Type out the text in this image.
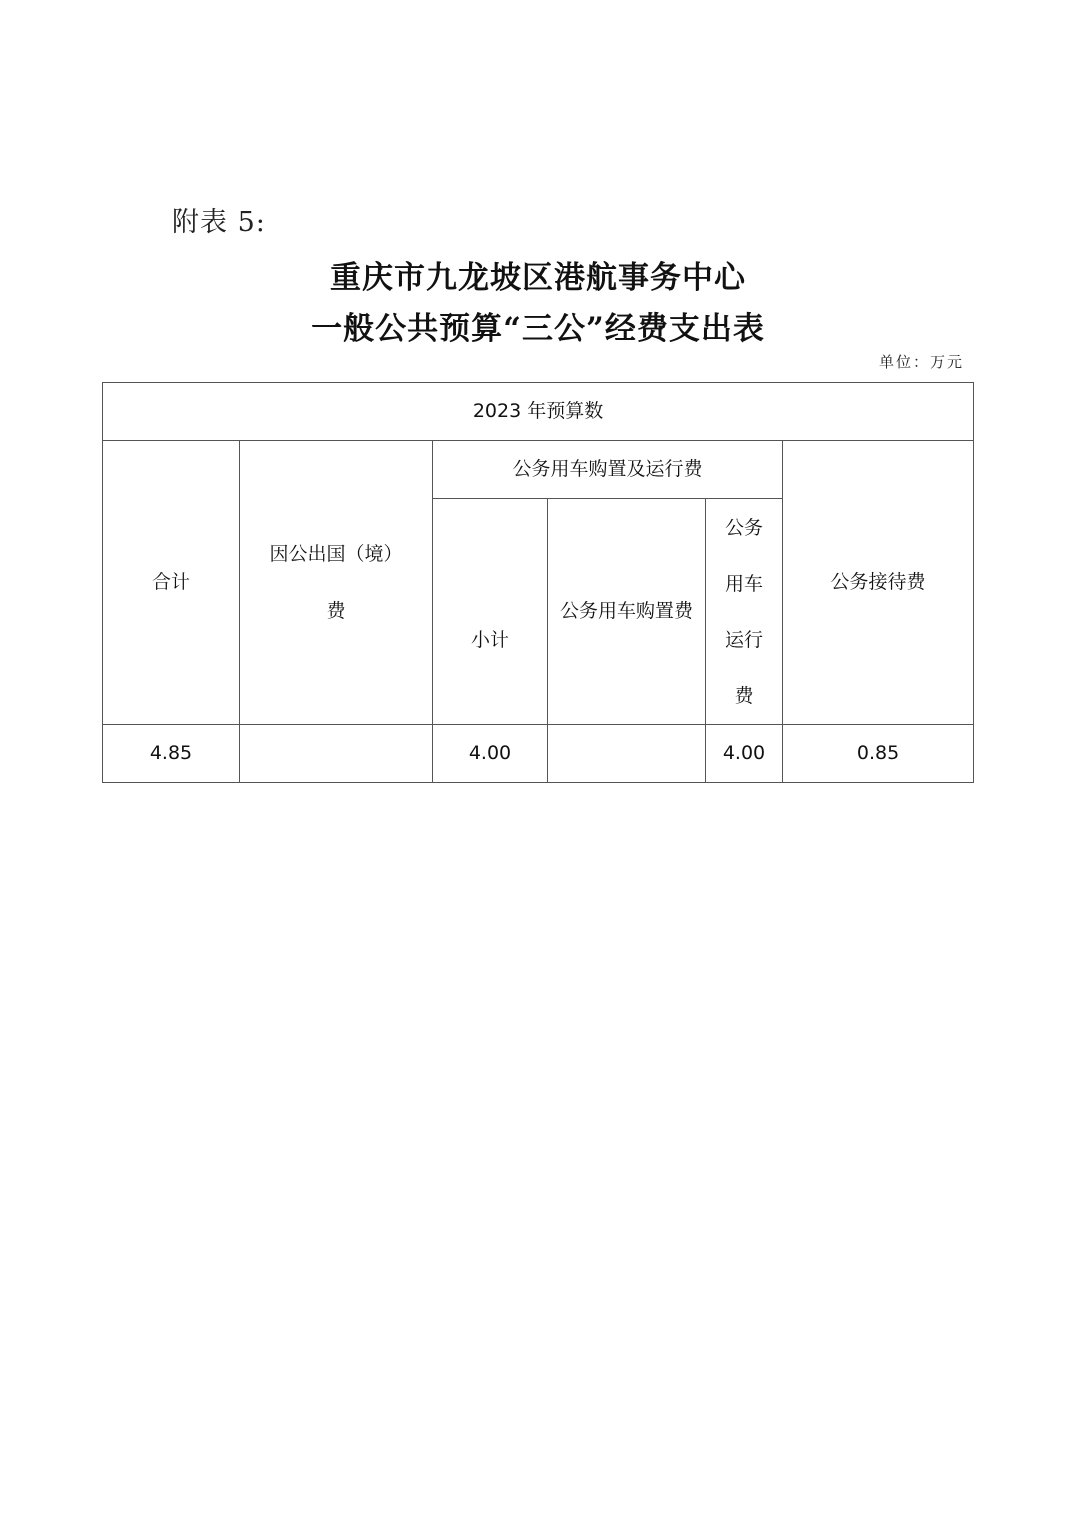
附表 5:
重庆市九龙坡区港航事务中心
一般公共预算“三公”经费支出表
单位：万元
2023 年预算数					
合计	因公出国（境）费	公务用车购置及运行费			公务接待费
		小计	公务用车购置费	公务用车运行费	

4.85		4.00		4.00	0.85
